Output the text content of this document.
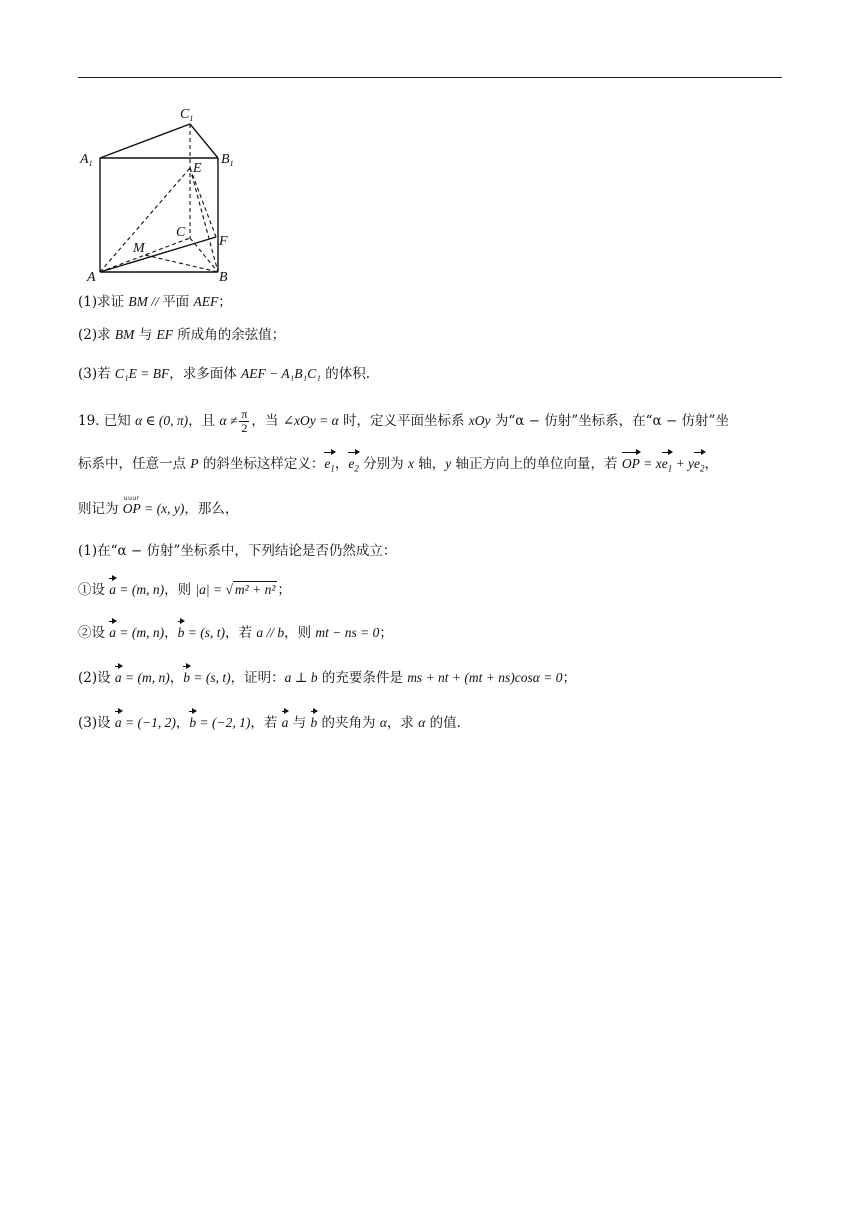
$C_1$
$A_1$	$B_1$
E
C
F
M
A	B
(1)求证 BM // 平面 AEF；
(2)求 BM 与 EF 所成角的余弦值；
(3)若 C₁E = BF，求多面体 AEF − A₁B₁C₁ 的体积.
19. 已知 α ∈ (0, π)，且 $\alpha \ne \frac{\pi}{2}$ ，当 ∠xOy = α 时，定义平面坐标系 xOy 为“α − 仿射”坐标系，在“α − 仿射”坐
标系中，任意一点 P 的斜坐标这样定义：$e_1$，$e_2$ 分别为 x 轴，y 轴正方向上的单位向量，若 OP = $xe_1 + ye_2$，
则记为
uuur
OP = (x, y)，那么，
(1)在“α − 仿射”坐标系中，下列结论是否仍然成立：
①设 a = (m, n)，则 |a| = √ m² + n² ；
②设 a = (m, n)，b = (s, t)，若 a // b，则 mt − ns = 0；
(2)设 a = (m, n)，b = (s, t)，证明：a ⊥ b 的充要条件是 ms + nt + (mt + ns)cosα = 0；
(3)设 a = (−1, 2)，b = (−2, 1)，若 a 与 b 的夹角为 α，求 α 的值.
